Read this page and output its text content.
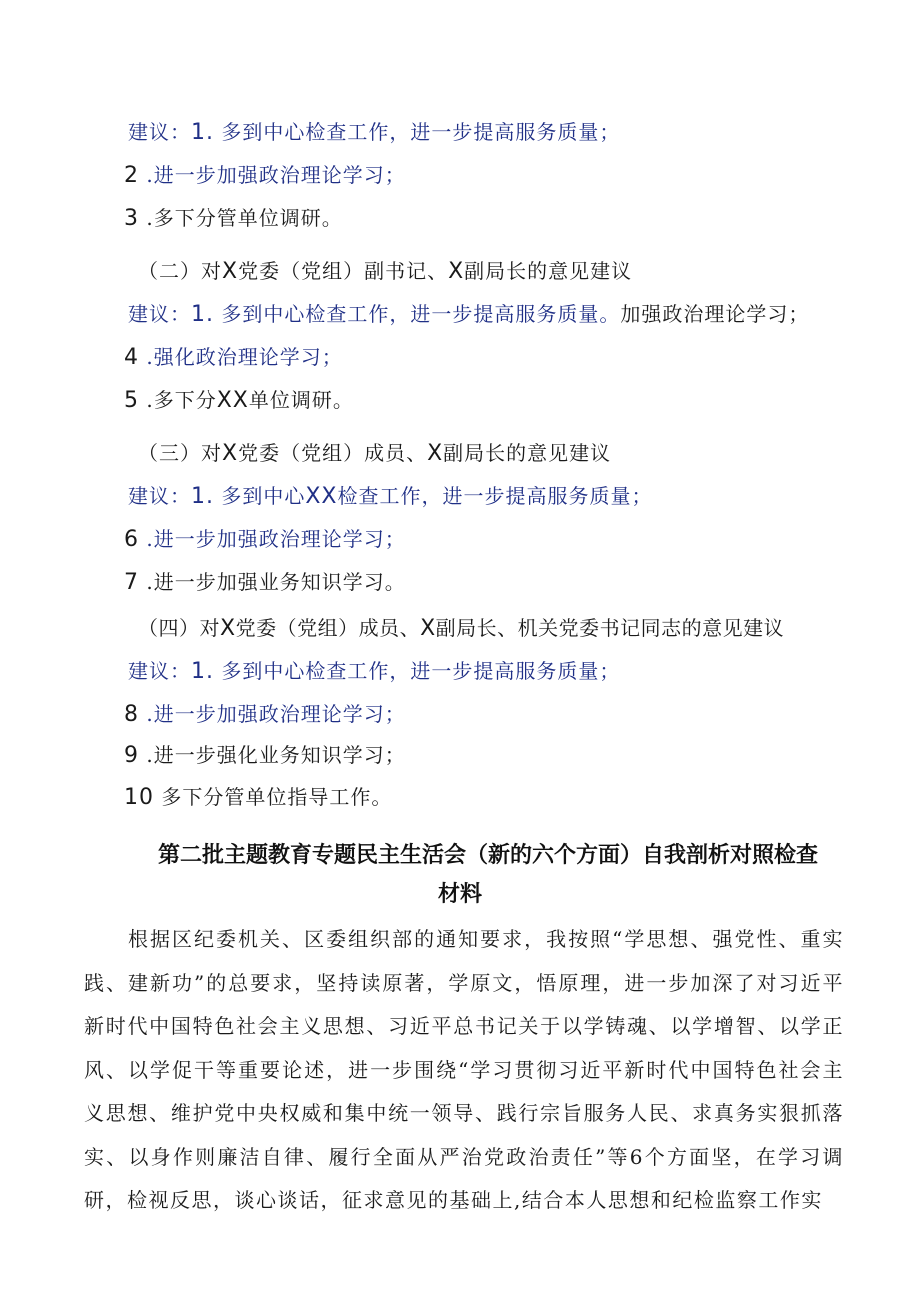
建议：1. 多到中心检查工作，进一步提高服务质量；
2 .进一步加强政治理论学习；
3 .多下分管单位调研。
（二）对X党委（党组）副书记、X副局长的意见建议
建议：1. 多到中心检查工作，进一步提高服务质量。加强政治理论学习；
4 .强化政治理论学习；
5 .多下分XX单位调研。
（三）对X党委（党组）成员、X副局长的意见建议
建议：1. 多到中心XX检查工作，进一步提高服务质量；
6 .进一步加强政治理论学习；
7 .进一步加强业务知识学习。
（四）对X党委（党组）成员、X副局长、机关党委书记同志的意见建议
建议：1. 多到中心检查工作，进一步提高服务质量；
8 .进一步加强政治理论学习；
9 .进一步强化业务知识学习；
10 多下分管单位指导工作。
第二批主题教育专题民主生活会（新的六个方面）自我剖析对照检查
材料
根据区纪委机关、区委组织部的通知要求，我按照“学思想、强党性、重实践、建新功”的总要求，坚持读原著，学原文，悟原理，进一步加深了对习近平新时代中国特色社会主义思想、习近平总书记关于以学铸魂、以学增智、以学正风、以学促干等重要论述，进一步围绕“学习贯彻习近平新时代中国特色社会主义思想、维护党中央权威和集中统一领导、践行宗旨服务人民、求真务实狠抓落实、以身作则廉洁自律、履行全面从严治党政治责任”等6个方面坚，在学习调研，检视反思，谈心谈话，征求意见的基础上,结合本人思想和纪检监察工作实
